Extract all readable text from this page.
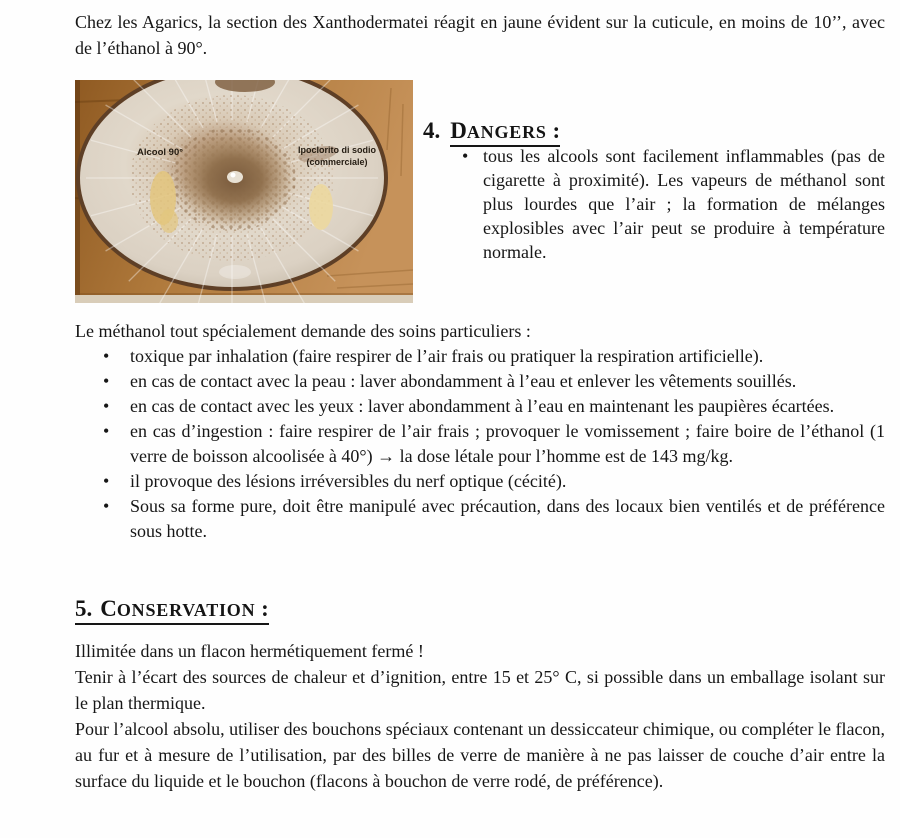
Chez les Agarics, la section des Xanthodermatei réagit en jaune évident sur la cuticule, en moins de 10’’, avec de l’éthanol à 90°.

Alcool 90°	Ipoclorito di sodio
(commerciale)
4. DANGERS :
• tous les alcools sont facilement inflammables (pas de cigarette à proximité). Les vapeurs de méthanol sont plus lourdes que l’air ; la formation de mélanges explosibles avec l’air peut se produire à température normale.

Le méthanol tout spécialement demande des soins particuliers :

•	toxique par inhalation (faire respirer de l’air frais ou pratiquer la respiration artificielle).
•	en cas de contact avec la peau : laver abondamment à l’eau et enlever les vêtements souillés.
•	en cas de contact avec les yeux : laver abondamment à l’eau en maintenant les paupières écartées.
•	en cas d’ingestion : faire respirer de l’air frais ; provoquer le vomissement ; faire boire de l’éthanol (1 verre de boisson alcoolisée à 40°) → la dose létale pour l’homme est de 143 mg/kg.
•	il provoque des lésions irréversibles du nerf optique (cécité).
•	Sous sa forme pure, doit être manipulé avec précaution, dans des locaux bien ventilés et de préférence sous hotte.
5. CONSERVATION :

Illimitée dans un flacon hermétiquement fermé !

Tenir à l’écart des sources de chaleur et d’ignition, entre 15 et 25° C, si possible dans un emballage isolant sur le plan thermique.

Pour l’alcool absolu, utiliser des bouchons spéciaux contenant un dessiccateur chimique, ou compléter le flacon, au fur et à mesure de l’utilisation, par des billes de verre de manière à ne pas laisser de couche d’air entre la surface du liquide et le bouchon (flacons à bouchon de verre rodé, de préférence).
